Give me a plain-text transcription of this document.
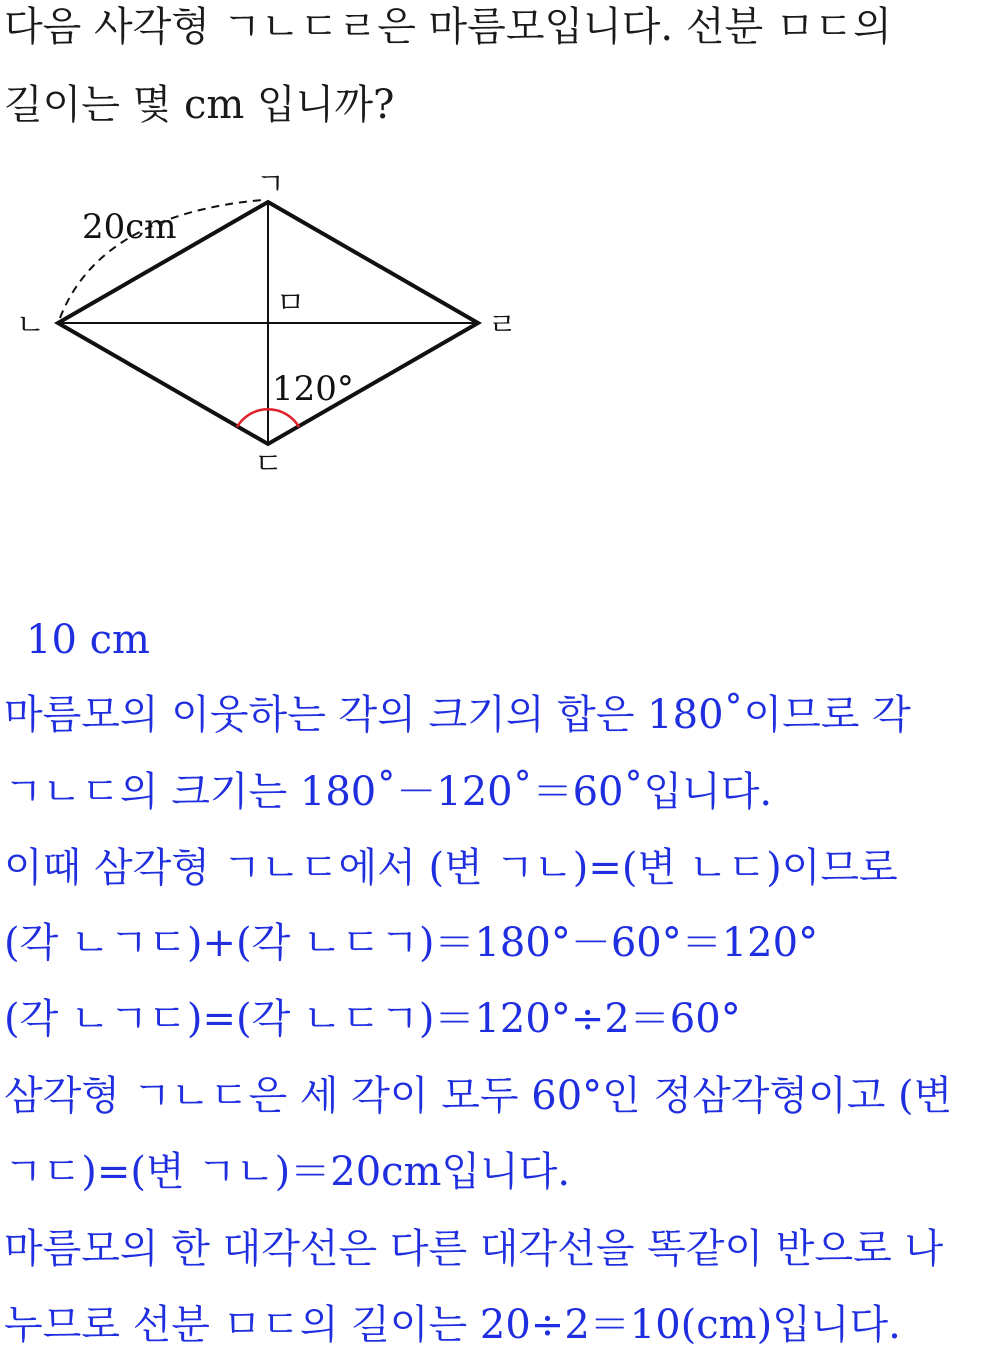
다음 사각형 ㄱㄴㄷㄹ은 마름모입니다. 선분 ㅁㄷ의
길이는 몇 cm 입니까?
ㄱ
ㄴ	ㄹ
ㄷ
ㅁ
20cm
120°
10 cm
마름모의 이웃하는 각의 크기의 합은 180˚이므로 각
ㄱㄴㄷ의 크기는 180˚－120˚＝60˚입니다.
이때 삼각형 ㄱㄴㄷ에서 (변 ㄱㄴ)=(변 ㄴㄷ)이므로
(각 ㄴㄱㄷ)+(각 ㄴㄷㄱ)＝180°－60°＝120°
(각 ㄴㄱㄷ)=(각 ㄴㄷㄱ)＝120°÷2＝60°
삼각형 ㄱㄴㄷ은 세 각이 모두 60°인 정삼각형이고 (변
ㄱㄷ)=(변 ㄱㄴ)＝20cm입니다.
마름모의 한 대각선은 다른 대각선을 똑같이 반으로 나
누므로 선분 ㅁㄷ의 길이는 20÷2＝10(cm)입니다.
